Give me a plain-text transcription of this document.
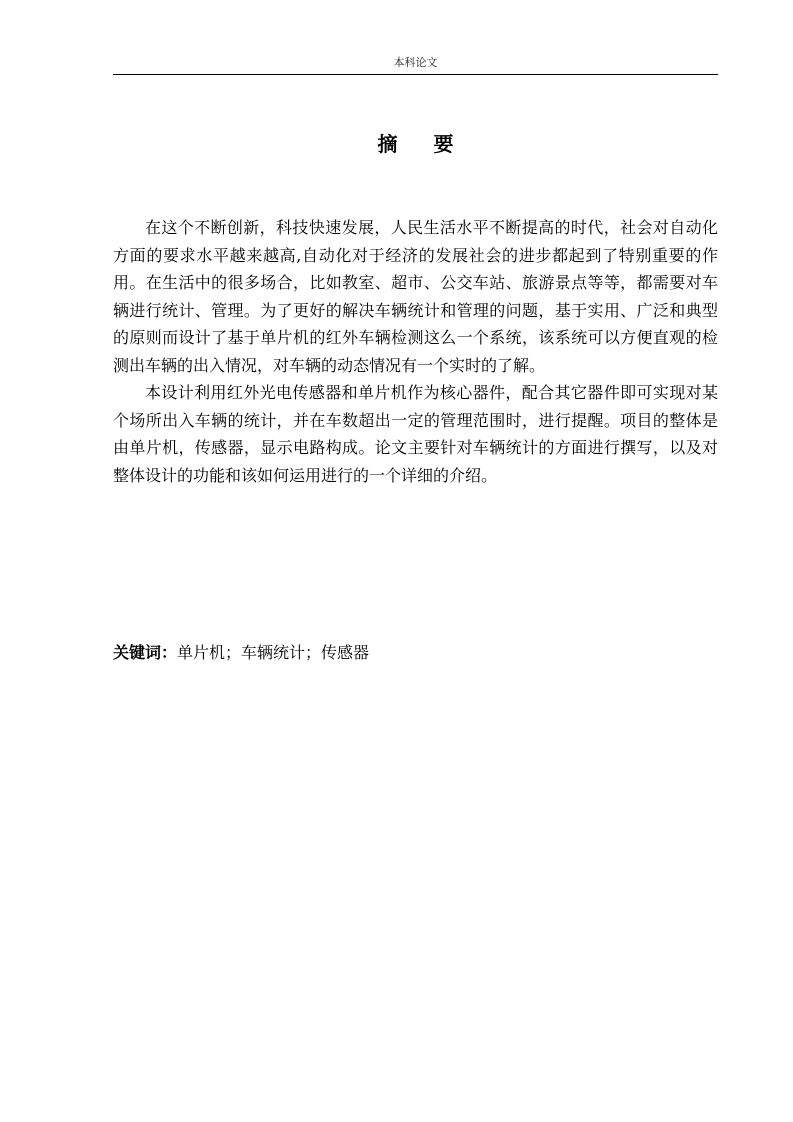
本科论文
摘 要

在这个不断创新，科技快速发展，人民生活水平不断提高的时代，社会对自动化方面的要求水平越来越高,自动化对于经济的发展社会的进步都起到了特别重要的作用。在生活中的很多场合，比如教室、超市、公交车站、旅游景点等等，都需要对车辆进行统计、管理。为了更好的解决车辆统计和管理的问题，基于实用、广泛和典型的原则而设计了基于单片机的红外车辆检测这么一个系统，该系统可以方便直观的检测出车辆的出入情况，对车辆的动态情况有一个实时的了解。

本设计利用红外光电传感器和单片机作为核心器件，配合其它器件即可实现对某个场所出入车辆的统计，并在车数超出一定的管理范围时，进行提醒。项目的整体是由单片机，传感器，显示电路构成。论文主要针对车辆统计的方面进行撰写，以及对整体设计的功能和该如何运用进行的一个详细的介绍。

关键词：单片机；车辆统计；传感器
